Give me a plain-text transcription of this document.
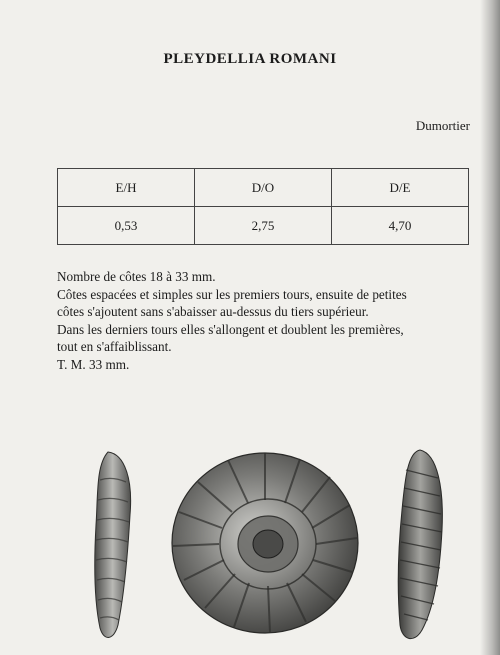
PLEYDELLIA ROMANI
Dumortier
E/H	D/O	D/E
0,53	2,75	4,70
Nombre de côtes 18 à 33 mm.
Côtes espacées et simples sur les premiers tours, ensuite de petites
côtes s'ajoutent sans s'abaisser au-dessus du tiers supérieur.
Dans les derniers tours elles s'allongent et doublent les premières,
tout en s'affaiblissant.
T. M. 33 mm.
